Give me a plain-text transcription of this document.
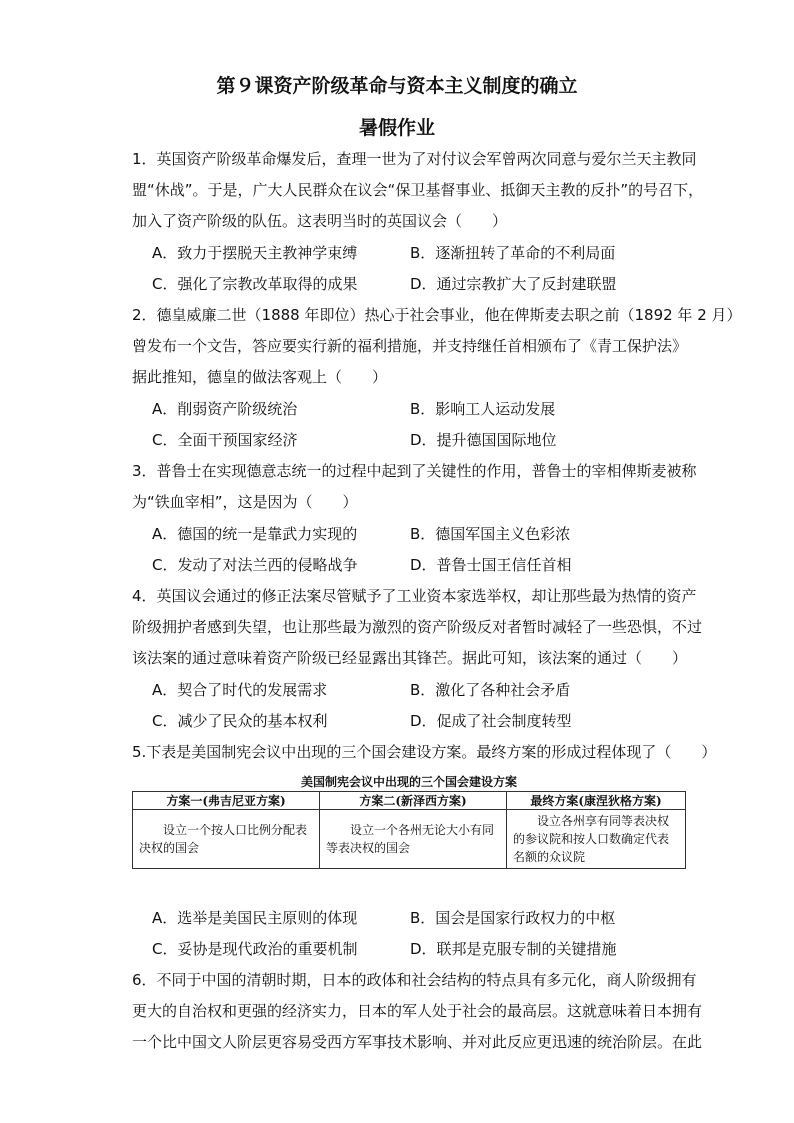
第９课资产阶级革命与资本主义制度的确立
暑假作业
1．英国资产阶级革命爆发后，查理一世为了对付议会军曾两次同意与爱尔兰天主教同
盟“休战”。于是，广大人民群众在议会“保卫基督事业、抵御天主教的反扑”的号召下，
加入了资产阶级的队伍。这表明当时的英国议会（　　）
A．致力于摆脱天主教神学束缚	B．逐渐扭转了革命的不利局面
C．强化了宗教改革取得的成果	D．通过宗教扩大了反封建联盟
2．德皇威廉二世（1888 年即位）热心于社会事业，他在俾斯麦去职之前（1892 年 2 月）
曾发布一个文告，答应要实行新的福利措施，并支持继任首相颁布了《青工保护法》
据此推知，德皇的做法客观上（　　）
A．削弱资产阶级统治	B．影响工人运动发展
C．全面干预国家经济	D．提升德国国际地位
3．普鲁士在实现德意志统一的过程中起到了关键性的作用，普鲁士的宰相俾斯麦被称
为“铁血宰相”，这是因为（　　）
A．德国的统一是靠武力实现的	B．德国军国主义色彩浓
C．发动了对法兰西的侵略战争	D．普鲁士国王信任首相
4．英国议会通过的修正法案尽管赋予了工业资本家选举权，却让那些最为热情的资产
阶级拥护者感到失望，也让那些最为激烈的资产阶级反对者暂时减轻了一些恐惧，不过
该法案的通过意味着资产阶级已经显露出其锋芒。据此可知，该法案的通过（　　）
A．契合了时代的发展需求	B．激化了各种社会矛盾
C．减少了民众的基本权利	D．促成了社会制度转型
5.下表是美国制宪会议中出现的三个国会建设方案。最终方案的形成过程体现了（　　）
美国制宪会议中出现的三个国会建设方案
方案一(弗吉尼亚方案)	方案二(新泽西方案)	最终方案(康涅狄格方案)
设立一个按人口比例分配表决权的国会	设立一个各州无论大小有同等表决权的国会	设立各州享有同等表决权的参议院和按人口数确定代表名额的众议院
A．选举是美国民主原则的体现	B．国会是国家行政权力的中枢
C．妥协是现代政治的重要机制	D．联邦是克服专制的关键措施
6．不同于中国的清朝时期，日本的政体和社会结构的特点具有多元化，商人阶级拥有
更大的自治权和更强的经济实力，日本的军人处于社会的最高层。这就意味着日本拥有
一个比中国文人阶层更容易受西方军事技术影响、并对此反应更迅速的统治阶层。在此
